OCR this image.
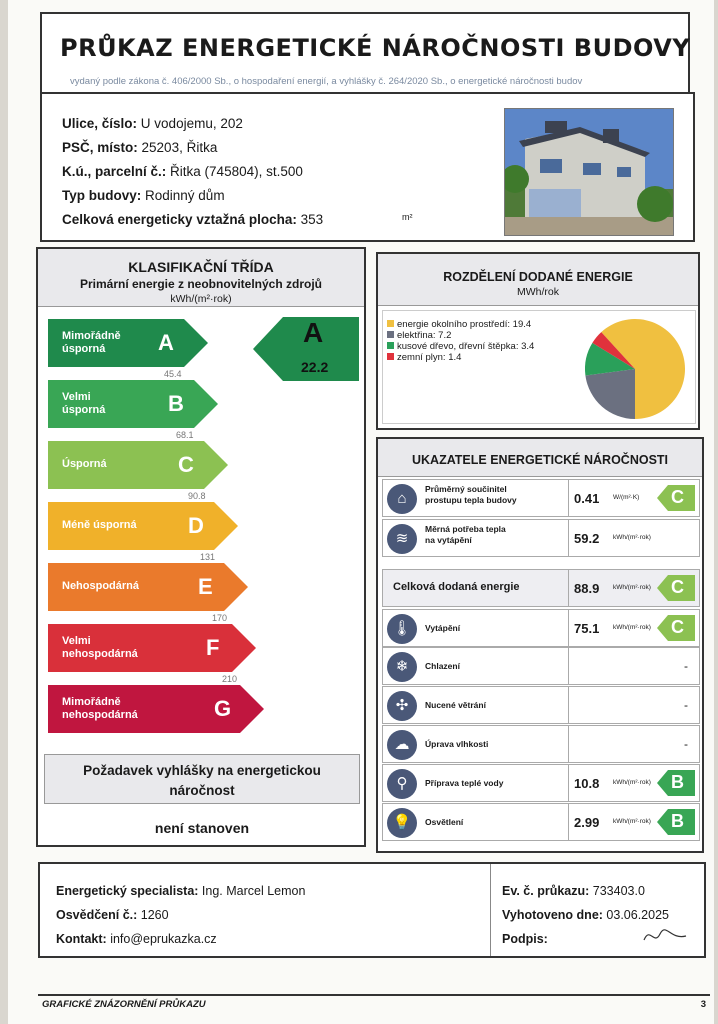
PRŮKAZ ENERGETICKÉ NÁROČNOSTI BUDOVY
vydaný podle zákona č. 406/2000 Sb., o hospodaření energií, a vyhlášky č. 264/2020 Sb., o energetické náročnosti budov
Ulice, číslo: U vodojemu, 202
PSČ, místo: 25203, Řitka
K.ú., parcelní č.: Řitka (745804), st.500
Typ budovy: Rodinný dům
Celková energeticky vztažná plocha: 353	m²
KLASIFIKAČNÍ TŘÍDA
Primární energie z neobnovitelných zdrojů
kWh/(m²·rok)
Mimořádně
úsporná	A
45.4
Velmi
úsporná	B
68.1
Úsporná	C
90.8
Méně úsporná D
131
Nehospodárná	E
170
Velmi
nehospodárná	F
210
Mimořádně
nehospodárná	G
A
22.2
Požadavek vyhlášky na energetickou
náročnost
není stanoven
ROZDĚLENÍ DODANÉ ENERGIE
MWh/rok
energie okolního prostředí: 19.4
elektřina: 7.2
kusové dřevo, dřevní štěpka: 3.4
zemní plyn: 1.4
UKAZATELE ENERGETICKÉ NÁROČNOSTI
⌂
Průměrný součinitel
prostupu tepla budovy	0.41 W/(m²·K) C
≋
Měrná potřeba tepla
na vytápění	59.2 kWh/(m²·rok)
Celková dodaná energie	88.9 kWh/(m²·rok) C
🌡	Vytápění	75.1 kWh/(m²·rok) C
❄	Chlazení	-
✣	Nucené větrání	-
☁	Úprava vlhkosti	-
⚲	Příprava teplé vody	10.8 kWh/(m²·rok) B
💡	Osvětlení	2.99 kWh/(m²·rok) B
Energetický specialista: Ing. Marcel Lemon
Osvědčení č.: 1260
Kontakt: info@eprukazka.cz
Ev. č. průkazu: 733403.0
Vyhotoveno dne: 03.06.2025
Podpis:
GRAFICKÉ ZNÁZORNĚNÍ PRŮKAZU	3
